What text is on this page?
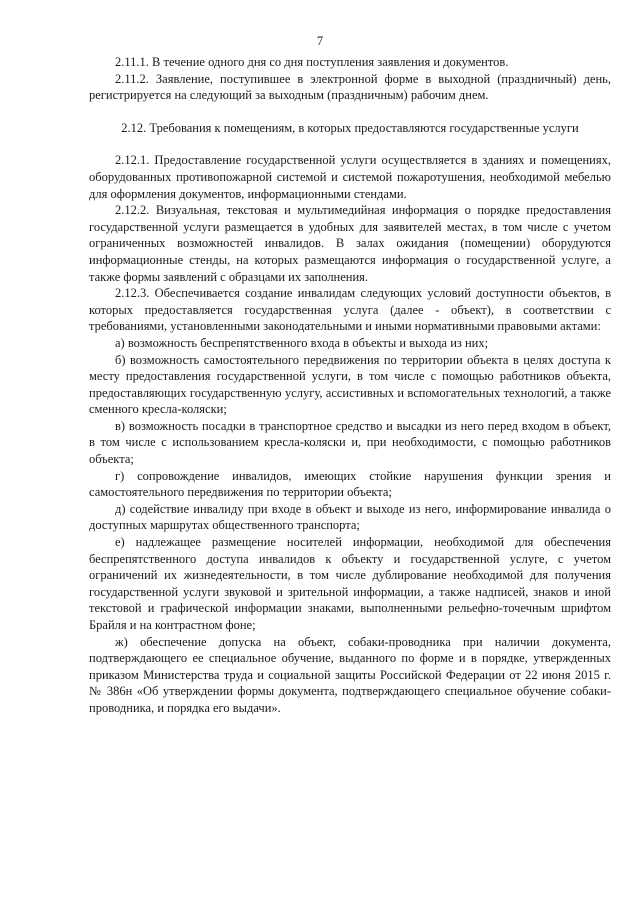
7

2.11.1. В течение одного дня со дня поступления заявления и документов.

2.11.2. Заявление, поступившее в электронной форме в выходной (праздничный) день, регистрируется на следующий за выходным (праздничным) рабочим днем.

2.12. Требования к помещениям, в которых предоставляются государственные услуги

2.12.1. Предоставление государственной услуги осуществляется в зданиях и помещениях, оборудованных противопожарной системой и системой пожаротушения, необходимой мебелью для оформления документов, информационными стендами.

2.12.2. Визуальная, текстовая и мультимедийная информация о порядке предоставления государственной услуги размещается в удобных для заявителей местах, в том числе с учетом ограниченных возможностей инвалидов. В залах ожидания (помещении) оборудуются информационные стенды, на которых размещаются информация о государственной услуге, а также формы заявлений с образцами их заполнения.

2.12.3. Обеспечивается создание инвалидам следующих условий доступности объектов, в которых предоставляется государственная услуга (далее - объект), в соответствии с требованиями, установленными законодательными и иными нормативными правовыми актами:

а) возможность беспрепятственного входа в объекты и выхода из них;

б) возможность самостоятельного передвижения по территории объекта в целях доступа к месту предоставления государственной услуги, в том числе с помощью работников объекта, предоставляющих государственную услугу, ассистивных и вспомогательных технологий, а также сменного кресла-коляски;

в) возможность посадки в транспортное средство и высадки из него перед входом в объект, в том числе с использованием кресла-коляски и, при необходимости, с помощью работников объекта;

г) сопровождение инвалидов, имеющих стойкие нарушения функции зрения и самостоятельного передвижения по территории объекта;

д) содействие инвалиду при входе в объект и выходе из него, информирование инвалида о доступных маршрутах общественного транспорта;

е) надлежащее размещение носителей информации, необходимой для обеспечения беспрепятственного доступа инвалидов к объекту и государственной услуге, с учетом ограничений их жизнедеятельности, в том числе дублирование необходимой для получения государственной услуги звуковой и зрительной информации, а также надписей, знаков и иной текстовой и графической информации знаками, выполненными рельефно-точечным шрифтом Брайля и на контрастном фоне;

ж) обеспечение допуска на объект, собаки-проводника при наличии документа, подтверждающего ее специальное обучение, выданного по форме и в порядке, утвержденных приказом Министерства труда и социальной защиты Российской Федерации от 22 июня 2015 г. № 386н «Об утверждении формы документа, подтверждающего специальное обучение собаки-проводника, и порядка его выдачи».
